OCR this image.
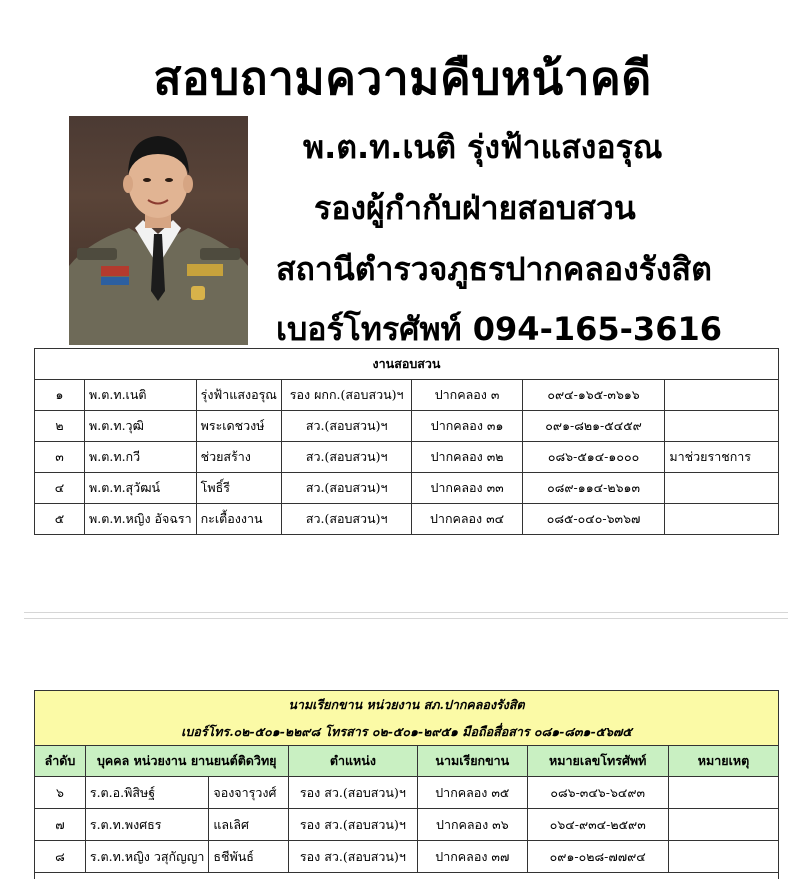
สอบถามความคืบหน้าคดี
พ.ต.ท.เนติ รุ่งฟ้าแสงอรุณ
รองผู้กำกับฝ่ายสอบสวน
สถานีตำรวจภูธรปากคลองรังสิต
เบอร์โทรศัพท์ 094-165-3616
งานสอบสวน						
๑	พ.ต.ท.เนติ	รุ่งฟ้าแสงอรุณ	รอง ผกก.(สอบสวน)ฯ	ปากคลอง ๓	๐๙๔-๑๖๕-๓๖๑๖	
๒	พ.ต.ท.วุฒิ	พระเดชวงษ์	สว.(สอบสวน)ฯ	ปากคลอง ๓๑	๐๙๑-๘๒๑-๕๔๕๙	
๓	พ.ต.ท.กวี	ช่วยสร้าง	สว.(สอบสวน)ฯ	ปากคลอง ๓๒	๐๘๖-๕๑๔-๑๐๐๐	มาช่วยราชการ
๔	พ.ต.ท.สุวัฒน์	โพธิ์รี	สว.(สอบสวน)ฯ	ปากคลอง ๓๓	๐๘๙-๑๑๔-๒๖๑๓	
๕	พ.ต.ท.หญิง อัจฉรา	กะเตื้องงาน	สว.(สอบสวน)ฯ	ปากคลอง ๓๔	๐๘๕-๐๔๐-๖๓๖๗	
นามเรียกขาน หน่วยงาน สภ.ปากคลองรังสิต						
เบอร์โทร.๐๒-๕๐๑-๒๒๙๘ โทรสาร ๐๒-๕๐๑-๒๙๕๑ มือถือสื่อสาร ๐๘๑-๘๓๑-๕๖๗๕						
ลำดับ	บุคคล หน่วยงาน ยานยนต์ติดวิทยุ		ตำแหน่ง	นามเรียกขาน	หมายเลขโทรศัพท์	หมายเหตุ
๖	ร.ต.อ.พิสิษฐ์	จองจารุวงศ์	รอง สว.(สอบสวน)ฯ	ปากคลอง ๓๕	๐๘๖-๓๔๖-๖๔๙๓	
๗	ร.ต.ท.พงศธร	แลเลิศ	รอง สว.(สอบสวน)ฯ	ปากคลอง ๓๖	๐๖๔-๙๓๔-๒๕๙๓	
๘	ร.ต.ท.หญิง วสุกัญญา	ธชีพันธ์	รอง สว.(สอบสวน)ฯ	ปากคลอง ๓๗	๐๙๑-๐๒๘-๗๗๙๔	
